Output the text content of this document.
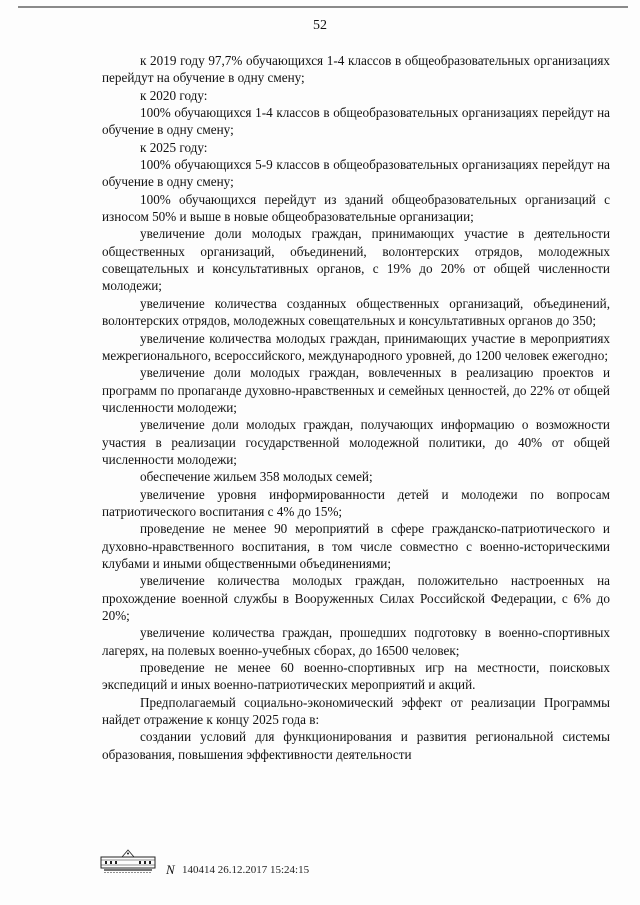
52

к 2019 году 97,7% обучающихся 1-4 классов в общеобразовательных организациях перейдут на обучение в одну смену;

к 2020 году:

100% обучающихся 1-4 классов в общеобразовательных организациях перейдут на обучение в одну смену;

к 2025 году:

100% обучающихся 5-9 классов в общеобразовательных организациях перейдут на обучение в одну смену;

100% обучающихся перейдут из зданий общеобразовательных организаций с износом 50% и выше в новые общеобразовательные организации;

увеличение доли молодых граждан, принимающих участие в деятельности общественных организаций, объединений, волонтерских отрядов, молодежных совещательных и консультативных органов, с 19% до 20% от общей численности молодежи;

увеличение количества созданных общественных организаций, объединений, волонтерских отрядов, молодежных совещательных и консультативных органов до 350;

увеличение количества молодых граждан, принимающих участие в мероприятиях межрегионального, всероссийского, международного уровней, до 1200 человек ежегодно;

увеличение доли молодых граждан, вовлеченных в реализацию проектов и программ по пропаганде духовно-нравственных и семейных ценностей, до 22% от общей численности молодежи;

увеличение доли молодых граждан, получающих информацию о возможности участия в реализации государственной молодежной политики, до 40% от общей численности молодежи;

обеспечение жильем 358 молодых семей;

увеличение уровня информированности детей и молодежи по вопросам патриотического воспитания с 4% до 15%;

проведение не менее 90 мероприятий в сфере гражданско-патриотического и духовно-нравственного воспитания, в том числе совместно с военно-историческими клубами и иными общественными объединениями;

увеличение количества молодых граждан, положительно настроенных на прохождение военной службы в Вооруженных Силах Российской Федерации, с 6% до 20%;

увеличение количества граждан, прошедших подготовку в военно-спортивных лагерях, на полевых военно-учебных сборах, до 16500 человек;

проведение не менее 60 военно-спортивных игр на местности, поисковых экспедиций и иных военно-патриотических мероприятий и акций.

Предполагаемый социально-экономический эффект от реализации Программы найдет отражение к концу 2025 года в:

создании условий для функционирования и развития региональной системы образования, повышения эффективности деятельности

N 140414 26.12.2017 15:24:15
